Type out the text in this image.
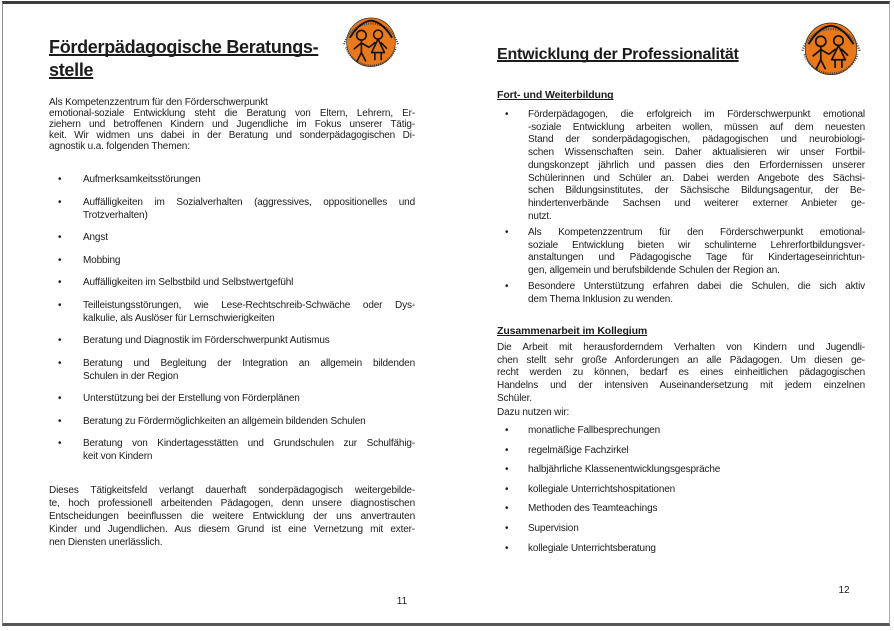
Förderpädagogische Beratungs-
stelle
Als Kompetenzzentrum für den Förderschwerpunkt
emotional-soziale Entwicklung steht die Beratung von Eltern, Lehrern, Er-
ziehern und betroffenen Kindern und Jugendliche im Fokus unserer Tätig-
keit. Wir widmen uns dabei in der Beratung und sonderpädagogischen Di-
agnostik u.a. folgenden Themen:
•	Aufmerksamkeitsstörungen
•	Auffälligkeiten im Sozialverhalten (aggressives, oppositionelles und
Trotzverhalten)
•	Angst
•	Mobbing
•	Auffälligkeiten im Selbstbild und Selbstwertgefühl
•	Teilleistungsstörungen, wie Lese-Rechtschreib-Schwäche oder Dys-
kalkulie, als Auslöser für Lernschwierigkeiten
•	Beratung und Diagnostik im Förderschwerpunkt Autismus
•	Beratung und Begleitung der Integration an allgemein bildenden
Schulen in der Region
•	Unterstützung bei der Erstellung von Förderplänen
•	Beratung zu Fördermöglichkeiten an allgemein bildenden Schulen
•	Beratung von Kindertagesstätten und Grundschulen zur Schulfähig-
keit von Kindern
Dieses Tätigkeitsfeld verlangt dauerhaft sonderpädagogisch weitergebilde-
te, hoch professionell arbeitenden Pädagogen, denn unsere diagnostischen
Entscheidungen beeinflussen die weitere Entwicklung der uns anvertrauten
Kinder und Jugendlichen. Aus diesem Grund ist eine Vernetzung mit exter-
nen Diensten unerlässlich.
11
Entwicklung der Professionalität
Fort- und Weiterbildung
•	Förderpädagogen, die erfolgreich im Förderschwerpunkt emotional
-soziale Entwicklung arbeiten wollen, müssen auf dem neuesten
Stand der sonderpädagogischen, pädagogischen und neurobiologi-
schen Wissenschaften sein. Daher aktualisieren wir unser Fortbil-
dungskonzept jährlich und passen dies den Erfordernissen unserer
Schülerinnen und Schüler an. Dabei werden Angebote des Sächsi-
schen Bildungsinstitutes, der Sächsische Bildungsagentur, der Be-
hindertenverbände Sachsen und weiterer externer Anbieter ge-
nutzt.
•	Als Kompetenzzentrum für den Förderschwerpunkt emotional-
soziale Entwicklung bieten wir schulinterne Lehrerfortbildungsver-
anstaltungen und Pädagogische Tage für Kindertageseinrichtun-
gen, allgemein und berufsbildende Schulen der Region an.
•	Besondere Unterstützung erfahren dabei die Schulen, die sich aktiv
dem Thema Inklusion zu wenden.
Zusammenarbeit im Kollegium
Die Arbeit mit herausforderndem Verhalten von Kindern und Jugendli-
chen stellt sehr große Anforderungen an alle Pädagogen. Um diesen ge-
recht werden zu können, bedarf es eines einheitlichen pädagogischen
Handelns und der intensiven Auseinandersetzung mit jedem einzelnen
Schüler.
Dazu nutzen wir:
•	monatliche Fallbesprechungen
•	regelmäßige Fachzirkel
•	halbjährliche Klassenentwicklungsgespräche
•	kollegiale Unterrichtshospitationen
•	Methoden des Teamteachings
•	Supervision
•	kollegiale Unterrichtsberatung
12
